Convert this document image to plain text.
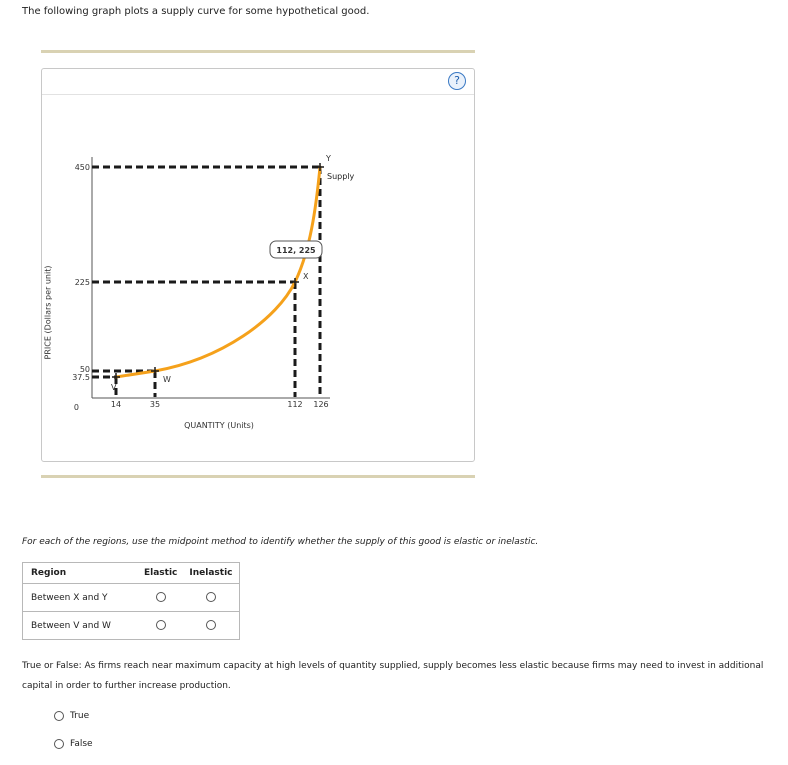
The following graph plots a supply curve for some hypothetical good.
?
PRICE (Dollars per unit)
V
W
X
Y
Supply
112, 225
450
225
50
37.5
0	14	35	112 126
QUANTITY (Units)
For each of the regions, use the midpoint method to identify whether the supply of this good is elastic or inelastic.
Region	Elastic	Inelastic
Between X and Y		
Between V and W		
True or False: As firms reach near maximum capacity at high levels of quantity supplied, supply becomes less elastic because firms may need to invest in additional capital in order to further increase production.
True
False
